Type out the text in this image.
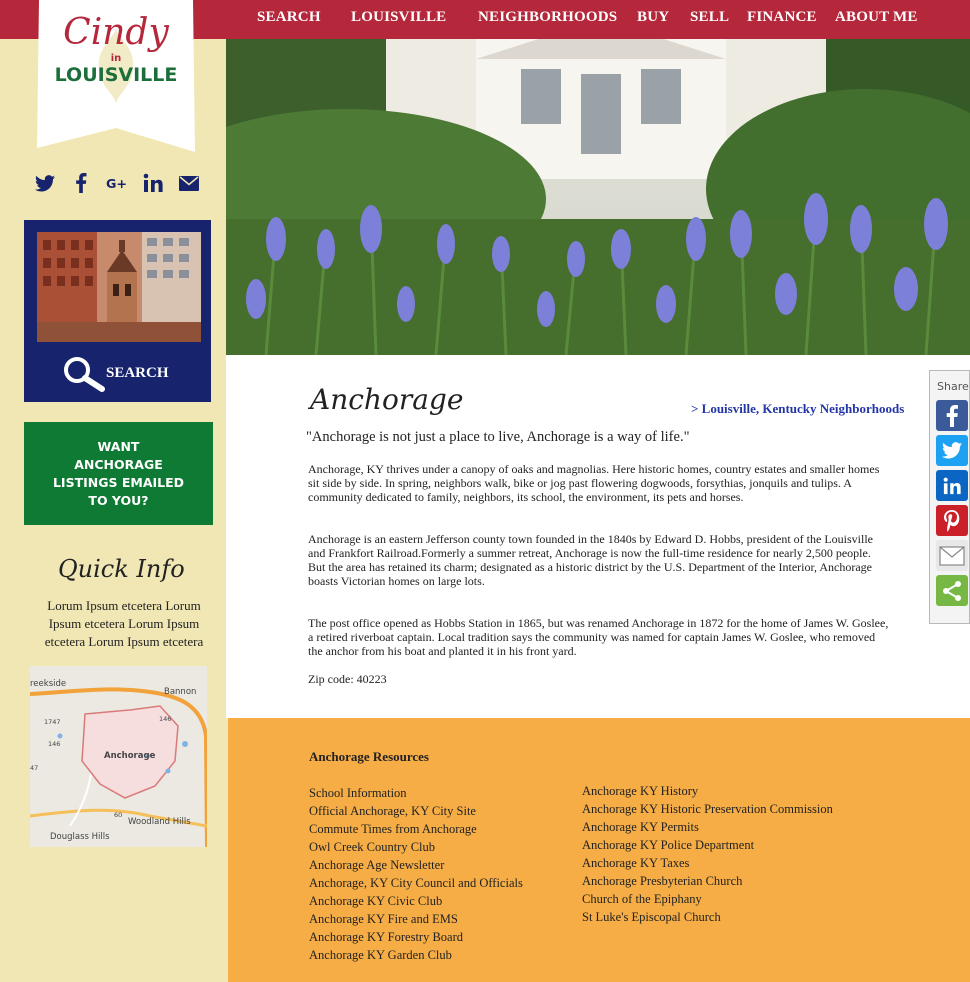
SEARCH LOUISVILLE NEIGHBORHOODS BUY SELL FINANCE ABOUT ME
Cindy
in
LOUISVILLE
G+
SEARCH
WANT ANCHORAGE LISTINGS EMAILED TO YOU?
Quick Info
Lorum Ipsum etcetera Lorum Ipsum etcetera Lorum Ipsum etcetera Lorum Ipsum etcetera
reekside
Bannon
Anchorage
Woodland Hills
Douglass Hills
1747
146
146
47
60
Anchorage	> Louisville, Kentucky Neighborhoods
"Anchorage is not just a place to live, Anchorage is a way of life."
Anchorage, KY thrives under a canopy of oaks and magnolias. Here historic homes, country estates and smaller homes sit side by side. In spring, neighbors walk, bike or jog past flowering dogwoods, forsythias, jonquils and tulips. A community dedicated to family, neighbors, its school, the environment, its pets and horses.
Anchorage is an eastern Jefferson county town founded in the 1840s by Edward D. Hobbs, president of the Louisville and Frankfort Railroad.Formerly a summer retreat, Anchorage is now the full-time residence for nearly 2,500 people. But the area has retained its charm; designated as a historic district by the U.S. Department of the Interior, Anchorage boasts Victorian homes on large lots.
The post office opened as Hobbs Station in 1865, but was renamed Anchorage in 1872 for the home of James W. Goslee, a retired riverboat captain. Local tradition says the community was named for captain James W. Goslee, who removed the anchor from his boat and planted it in his front yard.
Zip code: 40223
Share
Anchorage Resources
School Information
Official Anchorage, KY City Site
Commute Times from Anchorage
Owl Creek Country Club
Anchorage Age Newsletter
Anchorage, KY City Council and Officials
Anchorage KY Civic Club
Anchorage KY Fire and EMS
Anchorage KY Forestry Board
Anchorage KY Garden Club
Anchorage KY History
Anchorage KY Historic Preservation Commission
Anchorage KY Permits
Anchorage KY Police Department
Anchorage KY Taxes
Anchorage Presbyterian Church
Church of the Epiphany
St Luke's Episcopal Church
